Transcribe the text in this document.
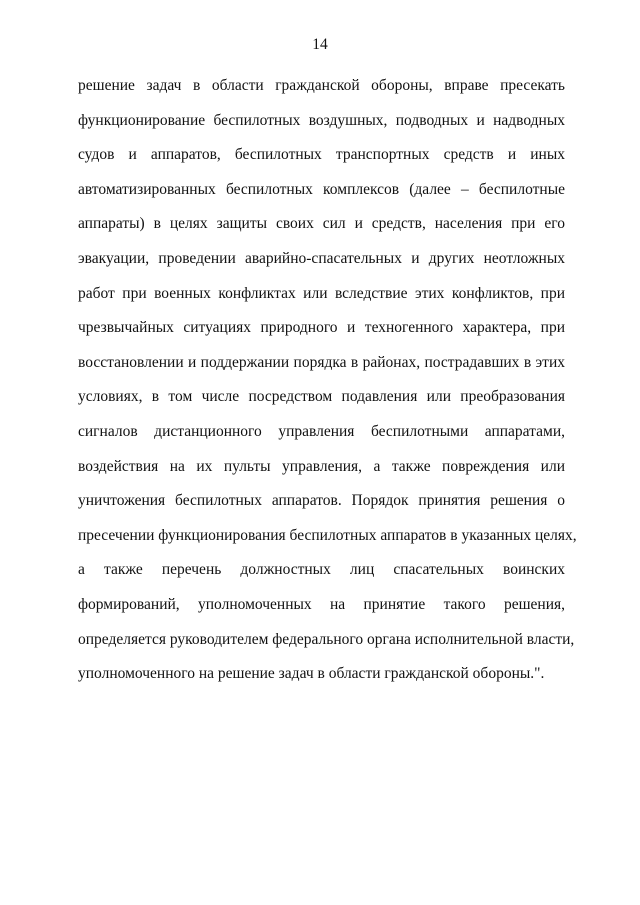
14
решение задач в области гражданской обороны, вправе пресекать
функционирование беспилотных воздушных, подводных и надводных
судов и аппаратов, беспилотных транспортных средств и иных
автоматизированных беспилотных комплексов (далее – беспилотные
аппараты) в целях защиты своих сил и средств, населения при его
эвакуации, проведении аварийно-спасательных и других неотложных
работ при военных конфликтах или вследствие этих конфликтов, при
чрезвычайных ситуациях природного и техногенного характера, при
восстановлении и поддержании порядка в районах, пострадавших в этих
условиях, в том числе посредством подавления или преобразования
сигналов дистанционного управления беспилотными аппаратами,
воздействия на их пульты управления, а также повреждения или
уничтожения беспилотных аппаратов. Порядок принятия решения о
пресечении функционирования беспилотных аппаратов в указанных целях,
а также перечень должностных лиц спасательных воинских
формирований, уполномоченных на принятие такого решения,
определяется руководителем федерального органа исполнительной власти,
уполномоченного на решение задач в области гражданской обороны.".
